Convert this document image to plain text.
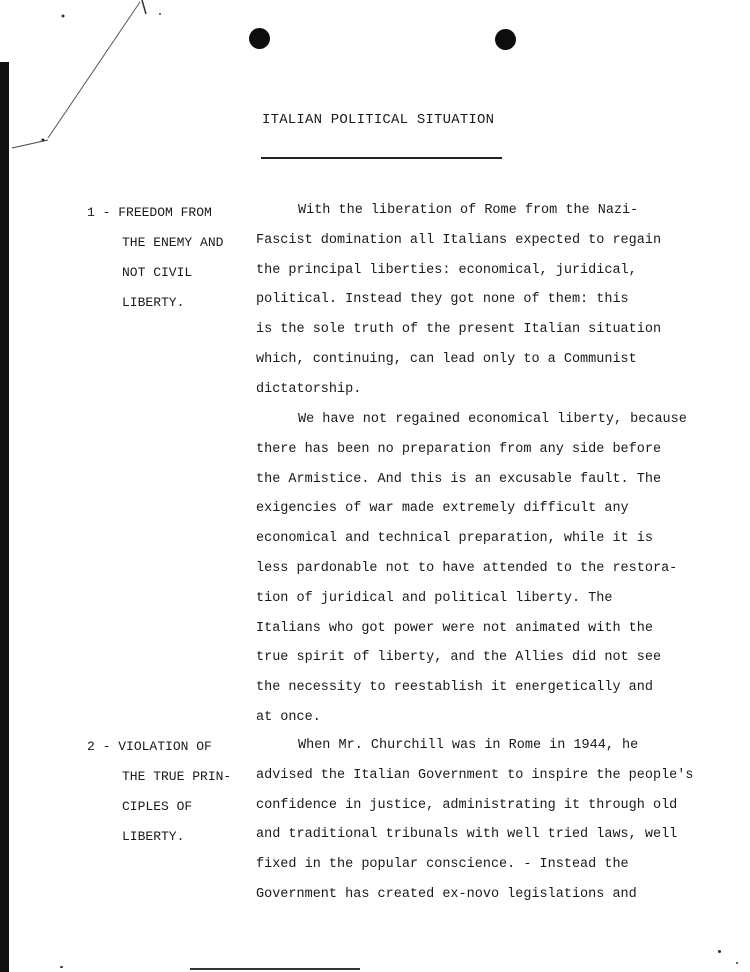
ITALIAN POLITICAL SITUATION
1 - FREEDOM FROM
THE ENEMY AND
NOT CIVIL
LIBERTY.
With the liberation of Rome from the Nazi-
Fascist domination all Italians expected to regain
the principal liberties: economical, juridical,
political. Instead they got none of them: this
is the sole truth of the present Italian situation
which, continuing, can lead only to a Communist
dictatorship.
We have not regained economical liberty, because
there has been no preparation from any side before
the Armistice. And this is an excusable fault. The
exigencies of war made extremely difficult any
economical and technical preparation, while it is
less pardonable not to have attended to the restora-
tion of juridical and political liberty. The
Italians who got power were not animated with the
true spirit of liberty, and the Allies did not see
the necessity to reestablish it energetically and
at once.
2 - VIOLATION OF
THE TRUE PRIN-
CIPLES OF
LIBERTY.
When Mr. Churchill was in Rome in 1944, he
advised the Italian Government to inspire the people's
confidence in justice, administrating it through old
and traditional tribunals with well tried laws, well
fixed in the popular conscience. - Instead the
Government has created ex-novo legislations and
